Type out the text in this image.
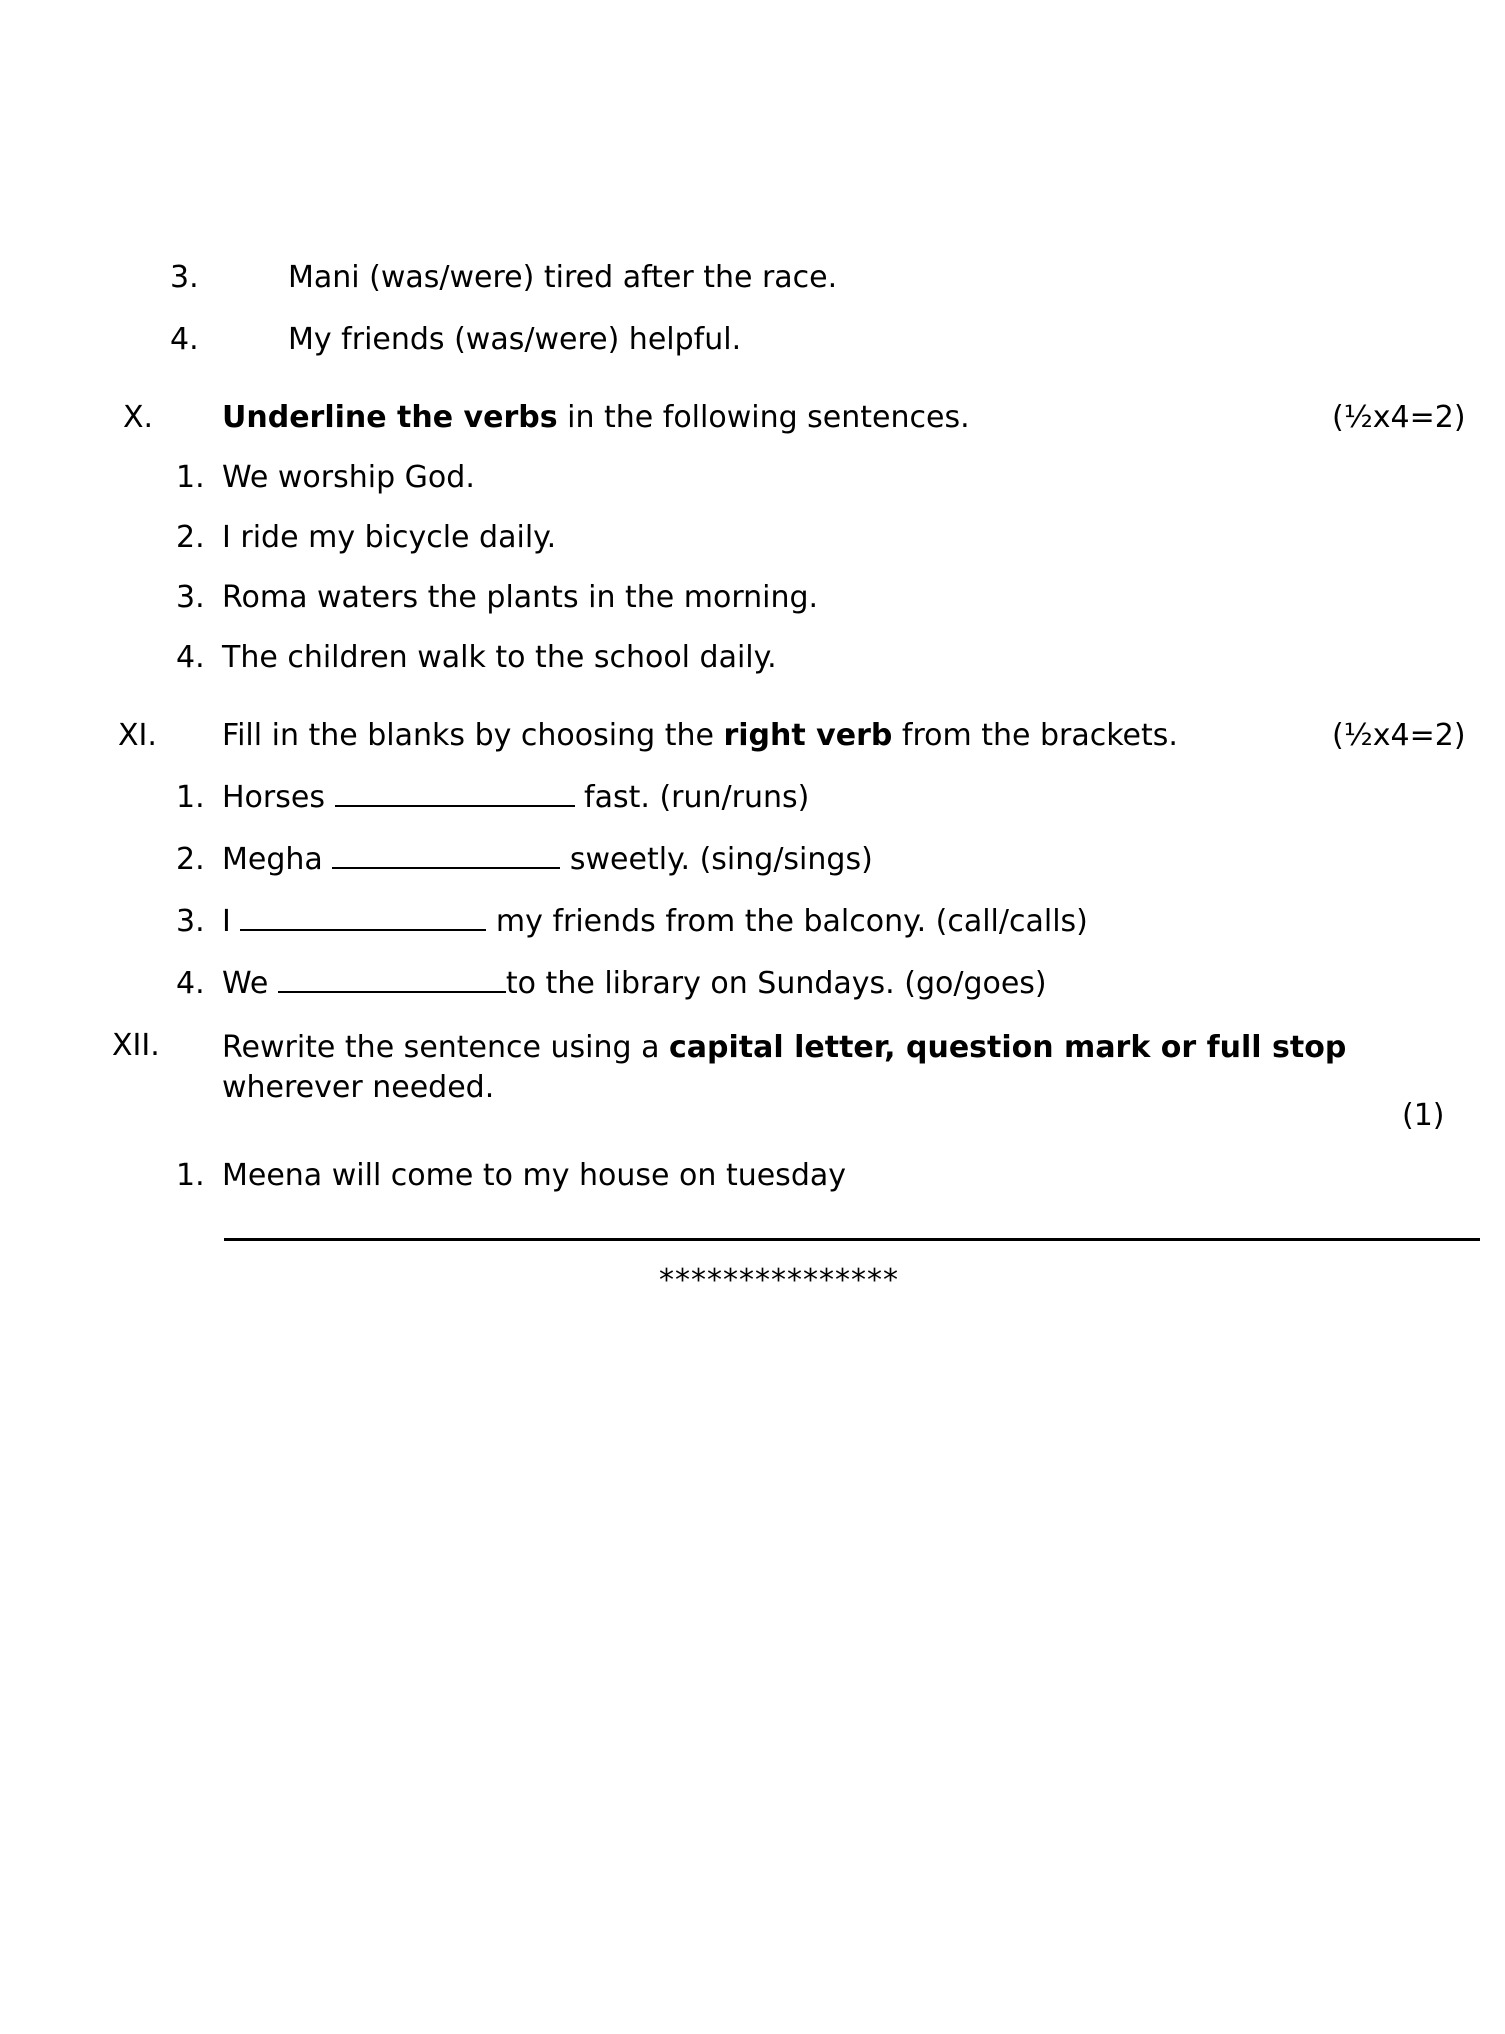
3.	Mani (was/were) tired after the race.
4.	My friends (was/were) helpful.
X. Underline the verbs in the following sentences.	(½x4=2)
1. We worship God.
2. I ride my bicycle daily.
3. Roma waters the plants in the morning.
4. The children walk to the school daily.
XI. Fill in the blanks by choosing the right verb from the brackets.	(½x4=2)
1. Horses	fast. (run/runs)
2. Megha	sweetly. (sing/sings)
3. I	my friends from the balcony. (call/calls)
4. We	to the library on Sundays. (go/goes)
XII. Rewrite the sentence using a capital letter, question mark or full stop wherever needed.
(1)
1. Meena will come to my house on tuesday
***************
